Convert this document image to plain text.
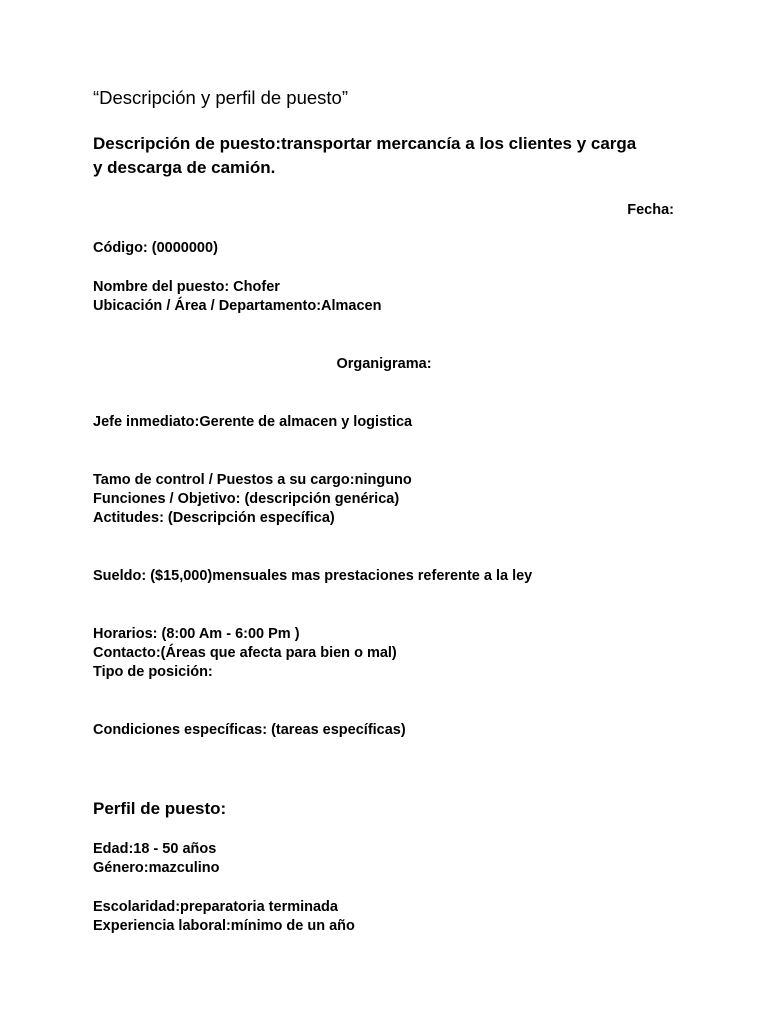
“Descripción y perfil de puesto”

Descripción de puesto:transportar mercancía a los clientes y carga

y descarga de camión.

Fecha:

Código: (0000000)

Nombre del puesto: Chofer

Ubicación / Área / Departamento:Almacen

Organigrama:

Jefe inmediato:Gerente de almacen y logistica

Tamo de control / Puestos a su cargo:ninguno

Funciones / Objetivo: (descripción genérica)

Actitudes: (Descripción específica)

Sueldo: ($15,000)mensuales mas prestaciones referente a la ley

Horarios: (8:00 Am - 6:00 Pm )

Contacto:(Áreas que afecta para bien o mal)

Tipo de posición:

Condiciones específicas: (tareas específicas)

Perfil de puesto:

Edad:18 - 50 años

Género:mazculino

Escolaridad:preparatoria terminada

Experiencia laboral:mínimo de un año
